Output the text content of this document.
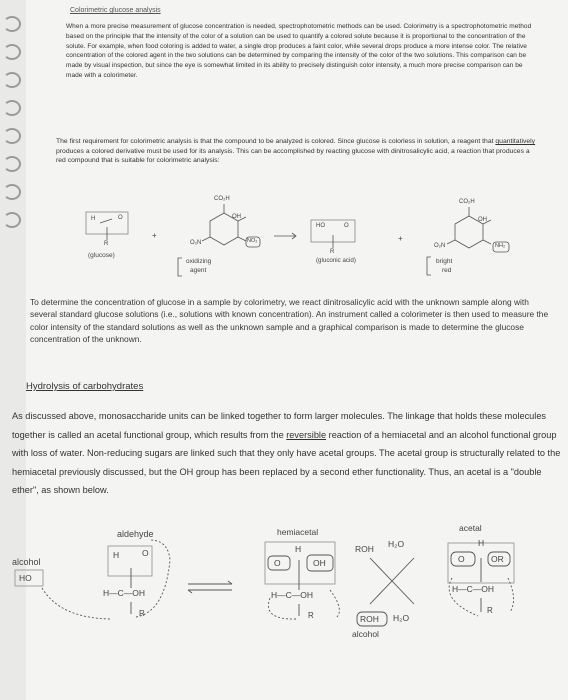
Colorimetric glucose analysis
When a more precise measurement of glucose concentration is needed, spectrophotometric methods can be used. Colorimetry is a spectrophotometric method based on the principle that the intensity of the color of a solution can be used to quantify a colored solute because it is proportional to the concentration of the solute. For example, when food coloring is added to water, a single drop produces a faint color, while several drops produce a more intense color. The relative concentration of the colored agent in the two solutions can be determined by comparing the intensity of the color of the two solutions. This comparison can be made by visual inspection, but since the eye is somewhat limited in its ability to precisely distinguish color intensity, a much more precise comparison can be made with a colorimeter.
The first requirement for colorimetric analysis is that the compound to be analyzed is colored. Since glucose is colorless in solution, a reagent that quantitatively produces a colored derivative must be used for its analysis. This can be accomplished by reacting glucose with dinitrosalicylic acid, a reaction that produces a red compound that is suitable for colorimetric analysis:
H	O
R
(glucose)
+
CO₂H
OH
NO₂
O₂N
oxidizing
agent
HO	O
R
(gluconic acid)
+
CO₂H
OH
NH₂
O₂N
bright
red
To determine the concentration of glucose in a sample by colorimetry, we react dinitrosalicylic acid with the unknown sample along with several standard glucose solutions (i.e., solutions with known concentration). An instrument called a colorimeter is then used to measure the color intensity of the standard solutions as well as the unknown sample and a graphical comparison is made to determine the glucose concentration of the unknown.
Hydrolysis of carbohydrates
As discussed above, monosaccharide units can be linked together to form larger molecules. The linkage that holds these molecules together is called an acetal functional group, which results from the reversible reaction of a hemiacetal and an alcohol functional group with loss of water. Non-reducing sugars are linked such that they only have acetal groups. The acetal group is structurally related to the hemiacetal previously discussed, but the OH group has been replaced by a second ether functionality. Thus, an acetal is a "double ether", as shown below.
aldehyde
H	O
H—C—OH
R
alcohol
HO
hemiacetal
H
O	OH
H—C—OH
R
ROH H₂O
ROH H₂O
alcohol
acetal
H
O	OR
H—C—OH
R
